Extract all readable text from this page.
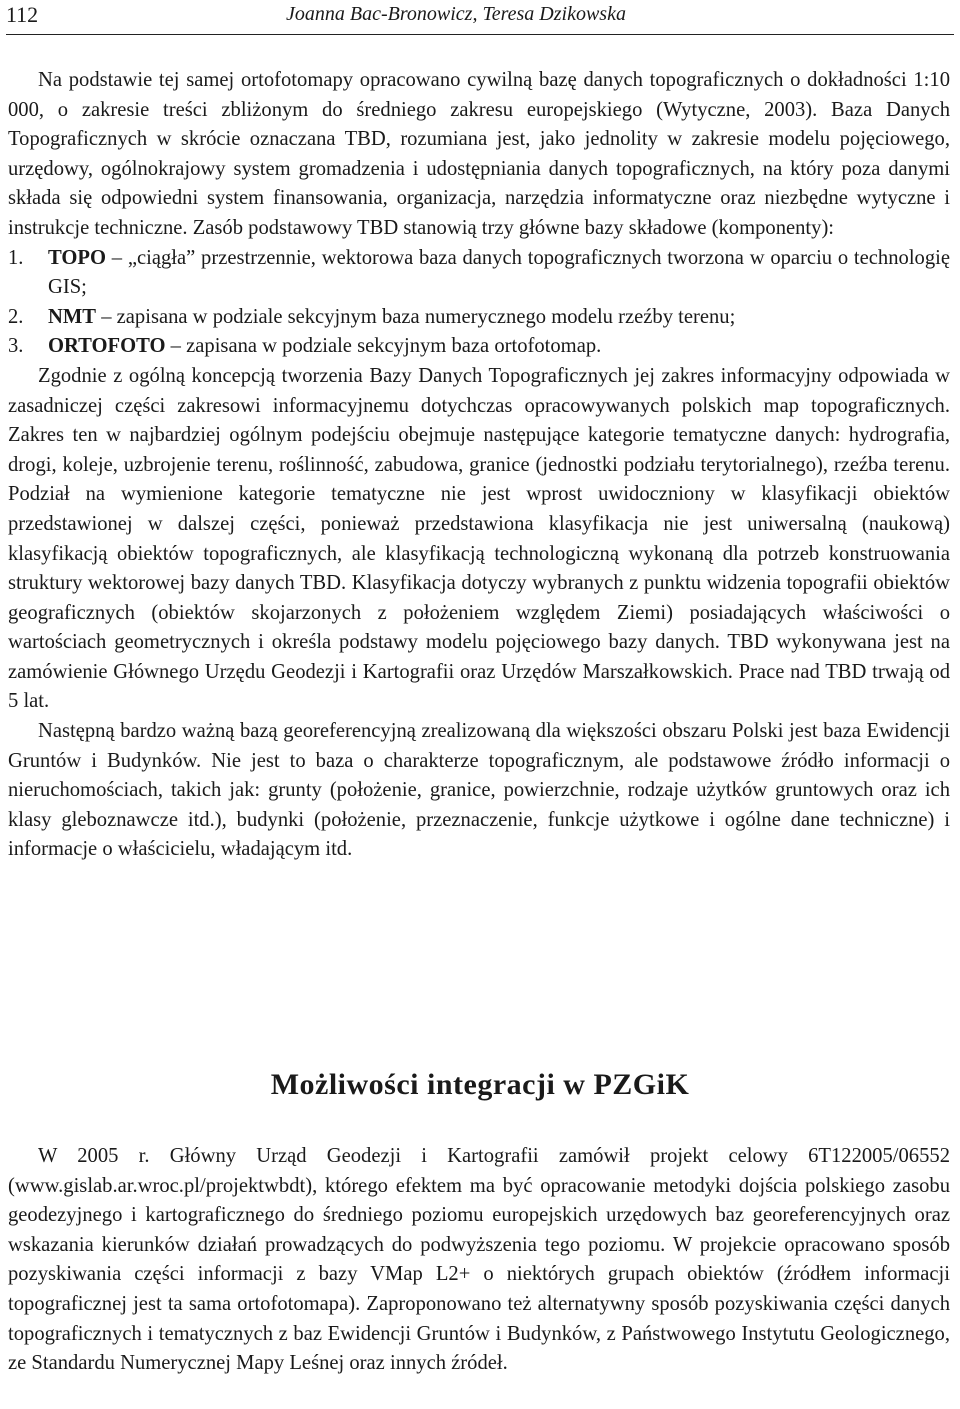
112	Joanna Bac-Bronowicz, Teresa Dzikowska

Na podstawie tej samej ortofotomapy opracowano cywilną bazę danych topograficznych o dokładności 1:10 000, o zakresie treści zbliżonym do średniego zakresu europejskiego (Wytyczne, 2003). Baza Danych Topograficznych w skrócie oznaczana TBD, rozumiana jest, jako jednolity w zakresie modelu pojęciowego, urzędowy, ogólnokrajowy system gromadzenia i udostępniania danych topograficznych, na który poza danymi składa się odpowiedni system finansowania, organizacja, narzędzia informatyczne oraz niezbędne wytyczne i instrukcje techniczne. Zasób podstawowy TBD stanowią trzy główne bazy składowe (komponenty):

1.	TOPO – „ciągła” przestrzennie, wektorowa baza danych topograficznych tworzona w oparciu o technologię GIS;
2.	NMT – zapisana w podziale sekcyjnym baza numerycznego modelu rzeźby terenu;
3.	ORTOFOTO – zapisana w podziale sekcyjnym baza ortofotomap.

Zgodnie z ogólną koncepcją tworzenia Bazy Danych Topograficznych jej zakres informacyjny odpowiada w zasadniczej części zakresowi informacyjnemu dotychczas opracowywanych polskich map topograficznych. Zakres ten w najbardziej ogólnym podejściu obejmuje następujące kategorie tematyczne danych: hydrografia, drogi, koleje, uzbrojenie terenu, roślinność, zabudowa, granice (jednostki podziału terytorialnego), rzeźba terenu. Podział na wymienione kategorie tematyczne nie jest wprost uwidoczniony w klasyfikacji obiektów przedstawionej w dalszej części, ponieważ przedstawiona klasyfikacja nie jest uniwersalną (naukową) klasyfikacją obiektów topograficznych, ale klasyfikacją technologiczną wykonaną dla potrzeb konstruowania struktury wektorowej bazy danych TBD. Klasyfikacja dotyczy wybranych z punktu widzenia topografii obiektów geograficznych (obiektów skojarzonych z położeniem względem Ziemi) posiadających właściwości o wartościach geometrycznych i określa podstawy modelu pojęciowego bazy danych. TBD wykonywana jest na zamówienie Głównego Urzędu Geodezji i Kartografii oraz Urzędów Marszałkowskich. Prace nad TBD trwają od 5 lat.

Następną bardzo ważną bazą georeferencyjną zrealizowaną dla większości obszaru Polski jest baza Ewidencji Gruntów i Budynków. Nie jest to baza o charakterze topograficznym, ale podstawowe źródło informacji o nieruchomościach, takich jak: grunty (położenie, granice, powierzchnie, rodzaje użytków gruntowych oraz ich klasy gleboznawcze itd.), budynki (położenie, przeznaczenie, funkcje użytkowe i ogólne dane techniczne) i informacje o właścicielu, władającym itd.

Możliwości integracji w PZGiK

W 2005 r. Główny Urząd Geodezji i Kartografii zamówił projekt celowy 6T122005/06552 (www.gislab.ar.wroc.pl/projektwbdt), którego efektem ma być opracowanie metodyki dojścia polskiego zasobu geodezyjnego i kartograficznego do średniego poziomu europejskich urzędowych baz georeferencyjnych oraz wskazania kierunków działań prowadzących do podwyższenia tego poziomu. W projekcie opracowano sposób pozyskiwania części informacji z bazy VMap L2+ o niektórych grupach obiektów (źródłem informacji topograficznej jest ta sama ortofotomapa). Zaproponowano też alternatywny sposób pozyskiwania części danych topograficznych i tematycznych z baz Ewidencji Gruntów i Budynków, z Państwowego Instytutu Geologicznego, ze Standardu Numerycznej Mapy Leśnej oraz innych źródeł.
